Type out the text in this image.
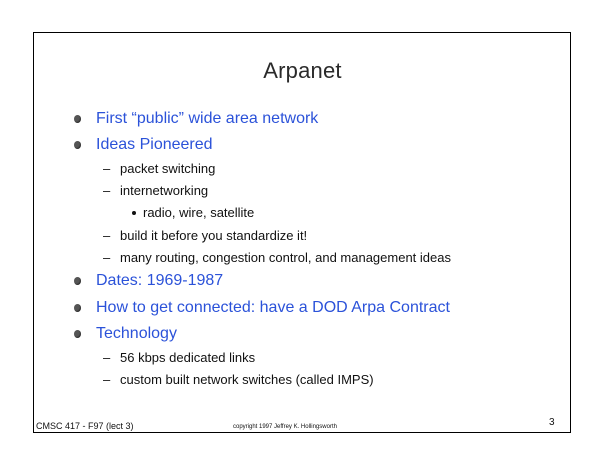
Arpanet
First “public” wide area network
Ideas Pioneered
– packet switching
– internetworking
radio, wire, satellite
– build it before you standardize it!
– many routing, congestion control, and management ideas
Dates: 1969-1987
How to get connected: have a DOD Arpa Contract
Technology
– 56 kbps dedicated links
– custom built network switches (called IMPS)
CMSC 417 - F97 (lect 3)	copyright 1997 Jeffrey K. Hollingsworth	3
